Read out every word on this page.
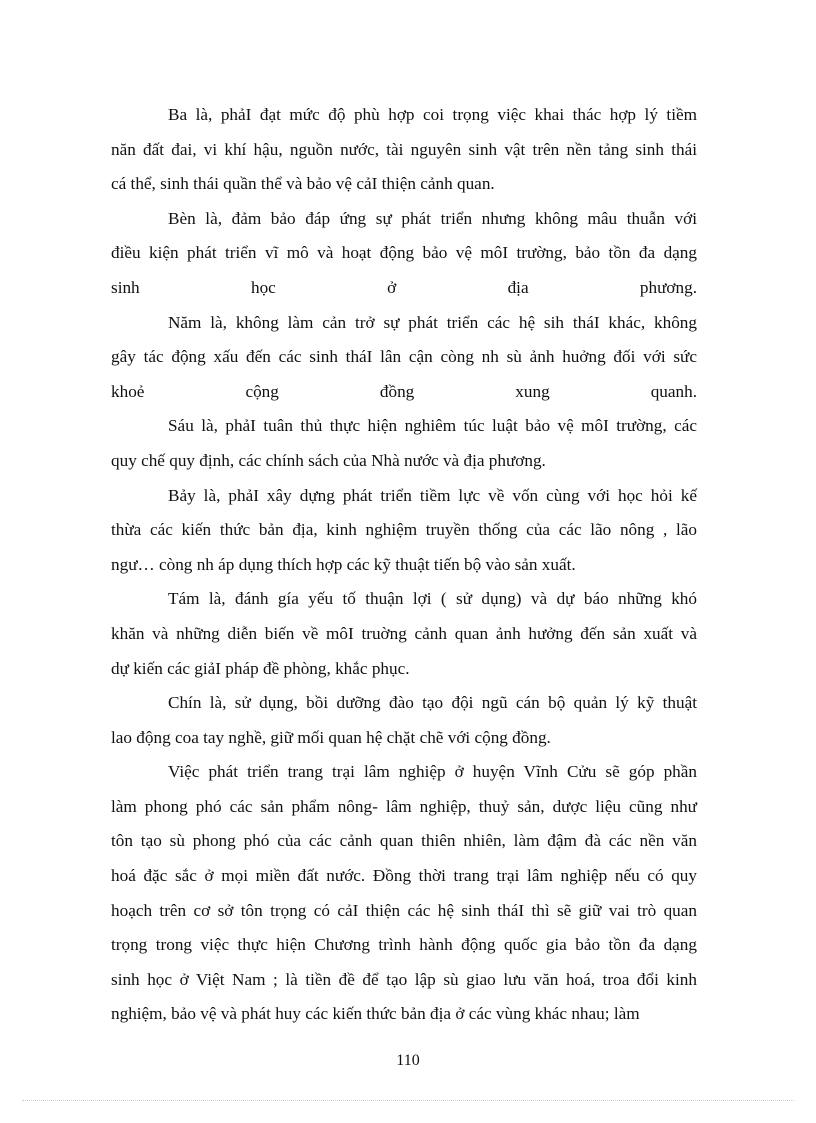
Ba là, phảI đạt mức độ phù hợp coi trọng việc khai thác hợp lý tiềm
năn đất đai, vi khí hậu, nguồn nước, tài nguyên sinh vật trên nền tảng sinh thái
cá thể, sinh thái quần thể và bảo vệ cảI thiện cảnh quan.
Bèn là, đảm bảo đáp ứng sự phát triển nhưng không mâu thuẫn với
điều kiện phát triển vĩ mô và hoạt động bảo vệ môI trường, bảo tồn đa dạng
sinh học ở địa phương.
Năm là, không làm cản trở sự phát triển các hệ sih tháI khác, không
gây tác động xấu đến các sinh tháI lân cận còng nh sù ảnh huởng đối với sức
khoẻ cộng đồng xung quanh.
Sáu là, phảI tuân thủ thực hiện nghiêm túc luật bảo vệ môI trường, các
quy chế quy định, các chính sách của Nhà nước và địa phương.
Bảy là, phảI xây dựng phát triển tiềm lực về vốn cùng với học hỏi kế
thừa các kiến thức bản địa, kinh nghiệm truyền thống của các lão nông , lão
ngư… còng nh áp dụng thích hợp các kỹ thuật tiến bộ vào sản xuất.
Tám là, đánh gía yếu tố thuận lợi ( sử dụng) và dự báo những khó
khăn và những diễn biến về môI truờng cảnh quan ảnh hưởng đến sản xuất và
dự kiến các giảI pháp đề phòng, khắc phục.
Chín là, sử dụng, bồi dưỡng đào tạo đội ngũ cán bộ quản lý kỹ thuật
lao động coa tay nghề, giữ mối quan hệ chặt chẽ với cộng đồng.
Việc phát triển trang trại lâm nghiệp ở huyện Vĩnh Cửu sẽ góp phần
làm phong phó các sản phẩm nông- lâm nghiệp, thuỷ sản, dược liệu cũng như
tôn tạo sù phong phó của các cảnh quan thiên nhiên, làm đậm đà các nền văn
hoá đặc sắc ở mọi miền đất nước. Đồng thời trang trại lâm nghiệp nếu có quy
hoạch trên cơ sở tôn trọng có cảI thiện các hệ sinh tháI thì sẽ giữ vai trò quan
trọng trong việc thực hiện Chương trình hành động quốc gia bảo tồn đa dạng
sinh học ở Việt Nam ; là tiền đề để tạo lập sù giao lưu văn hoá, troa đổi kinh
nghiệm, bảo vệ và phát huy các kiến thức bản địa ở các vùng khác nhau; làm
110
